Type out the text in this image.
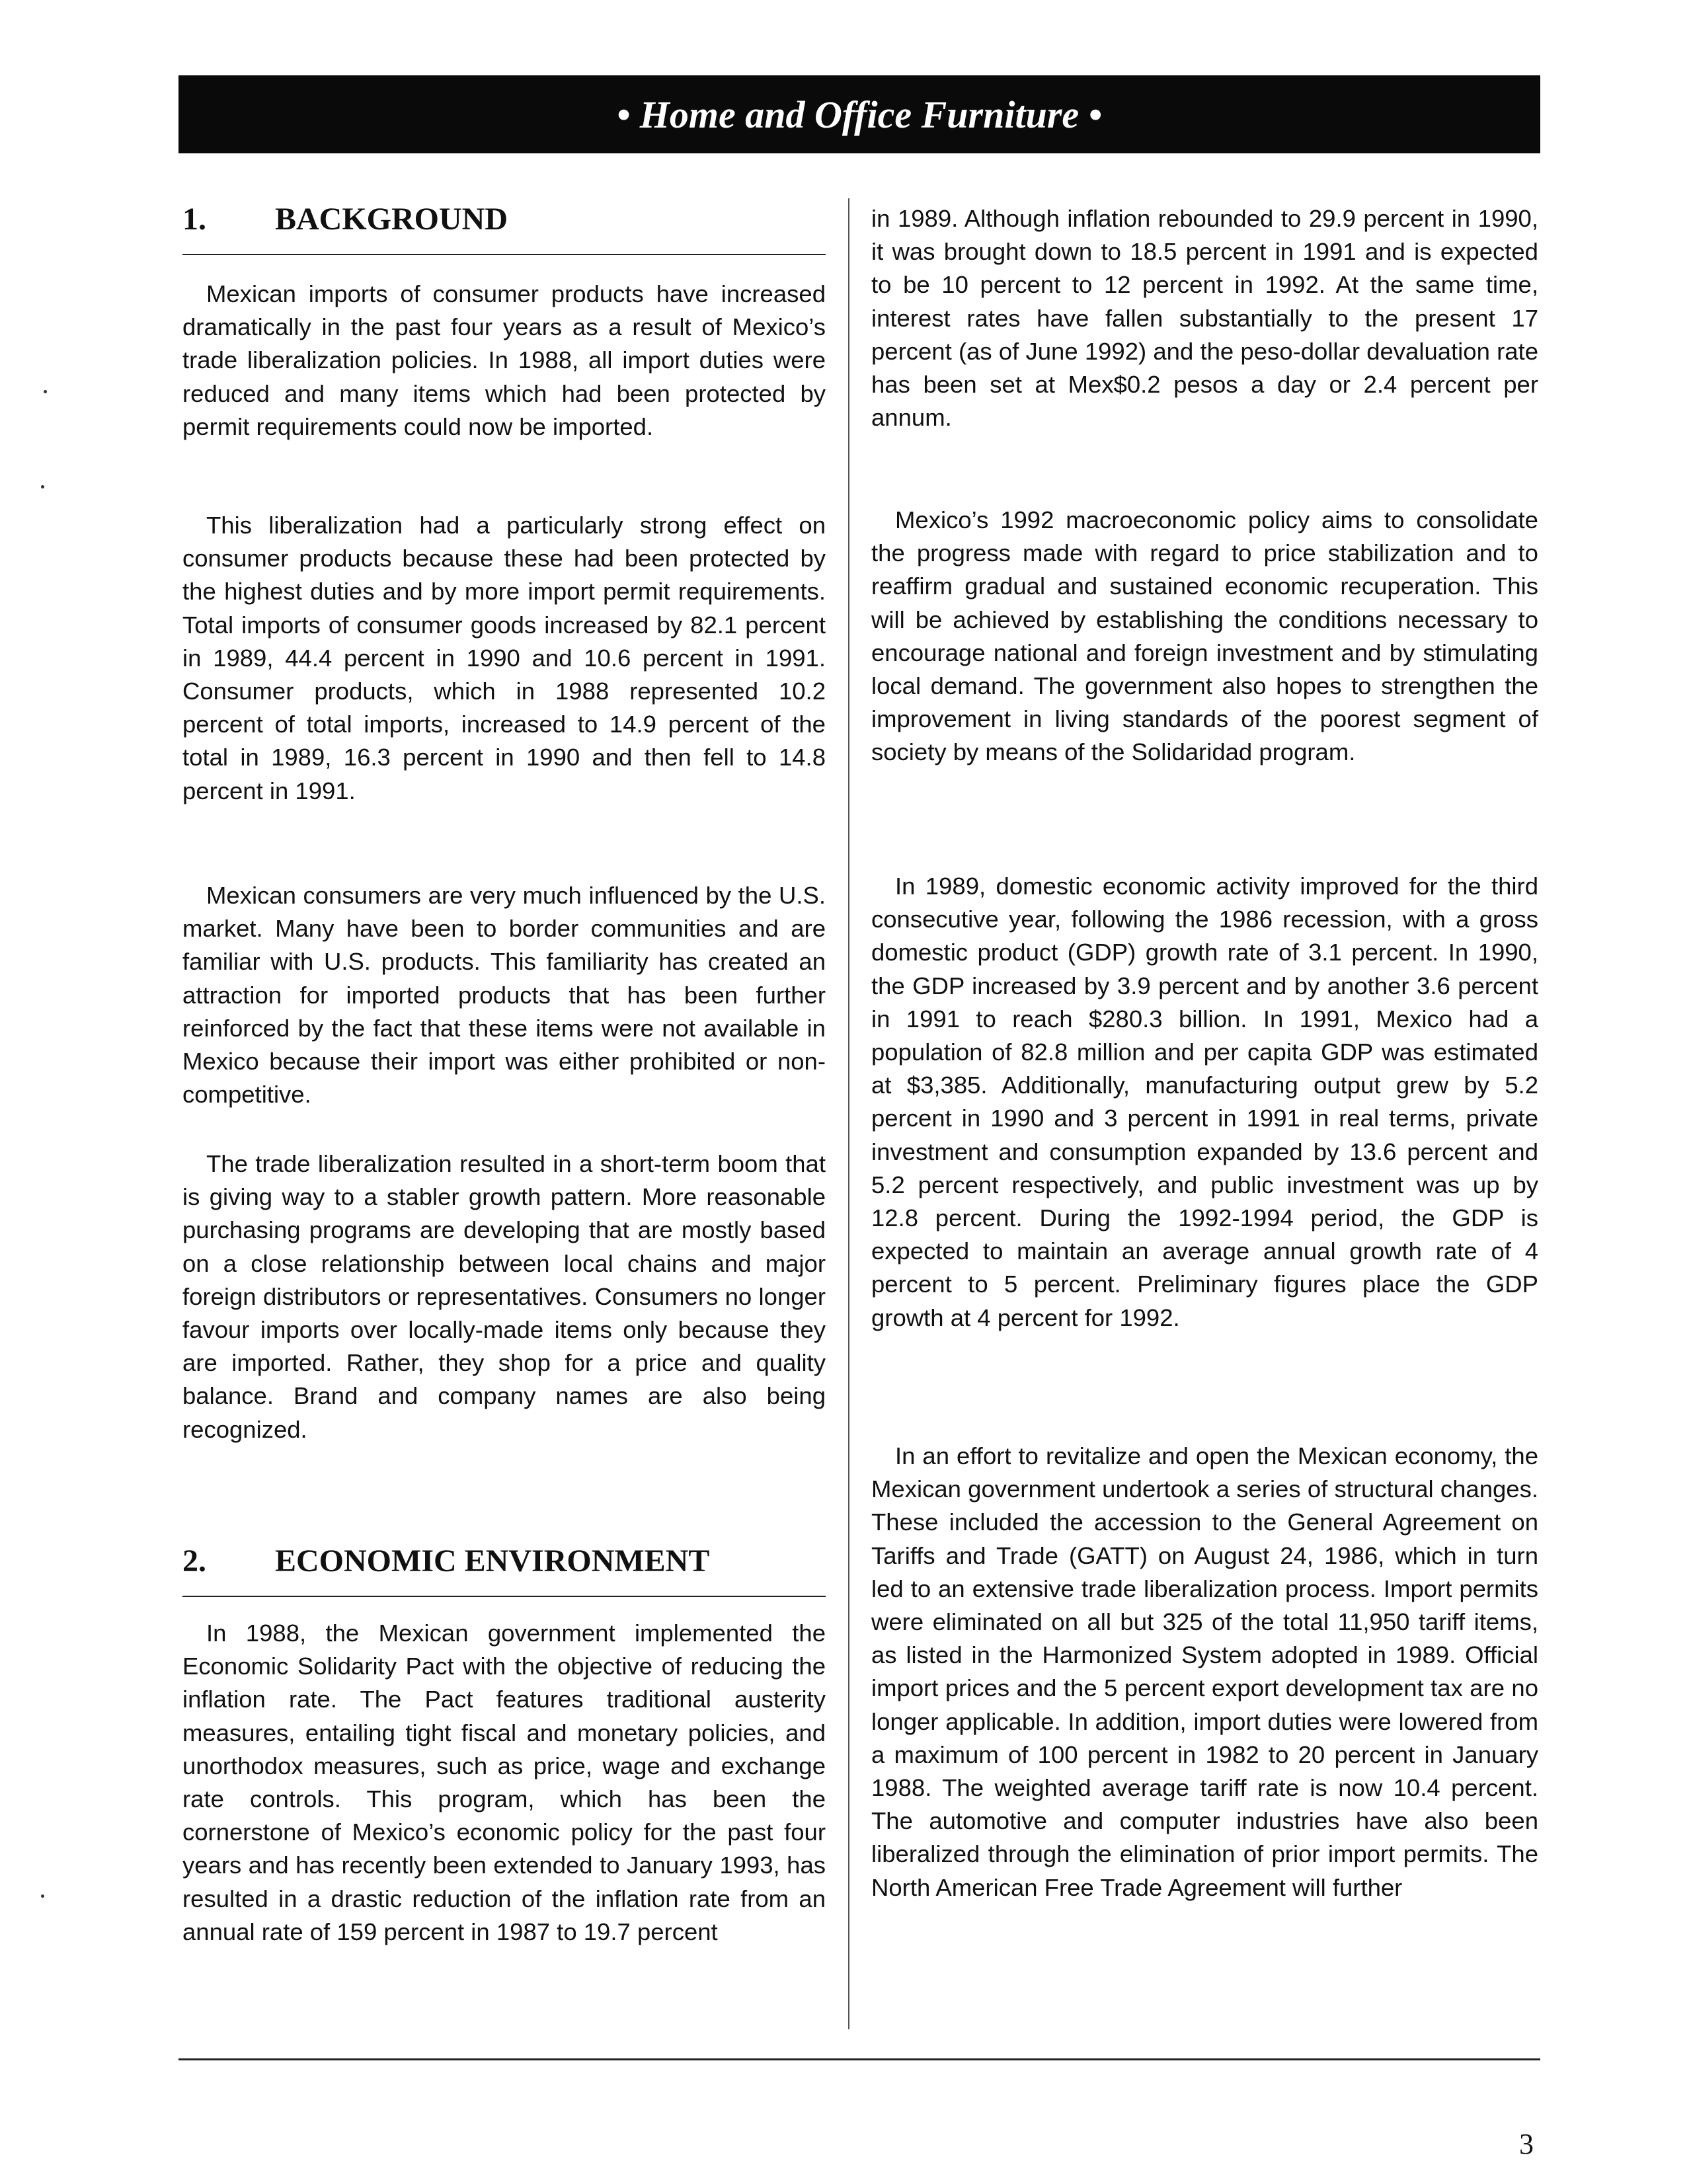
• Home and Office Furniture •
1.	BACKGROUND

Mexican imports of consumer products have increased dramatically in the past four years as a result of Mexico’s trade liberalization policies. In 1988, all import duties were reduced and many items which had been protected by permit requirements could now be imported.

This liberalization had a particularly strong effect on consumer products because these had been protected by the highest duties and by more import permit requirements. Total imports of consumer goods increased by 82.1 percent in 1989, 44.4 percent in 1990 and 10.6 percent in 1991. Consumer products, which in 1988 represented 10.2 percent of total imports, increased to 14.9 percent of the total in 1989, 16.3 percent in 1990 and then fell to 14.8 percent in 1991.

Mexican consumers are very much influenced by the U.S. market. Many have been to border communities and are familiar with U.S. products. This familiarity has created an attraction for imported products that has been further reinforced by the fact that these items were not available in Mexico because their import was either prohibited or non-competitive.

The trade liberalization resulted in a short-term boom that is giving way to a stabler growth pattern. More reasonable purchasing programs are developing that are mostly based on a close relationship between local chains and major foreign distributors or representatives. Consumers no longer favour imports over locally-made items only because they are imported. Rather, they shop for a price and quality balance. Brand and company names are also being recognized.

2.	ECONOMIC ENVIRONMENT

In 1988, the Mexican government implemented the Economic Solidarity Pact with the objective of reducing the inflation rate. The Pact features traditional austerity measures, entailing tight fiscal and monetary policies, and unorthodox measures, such as price, wage and exchange rate controls. This program, which has been the cornerstone of Mexico’s economic policy for the past four years and has recently been extended to January 1993, has resulted in a drastic reduction of the inflation rate from an annual rate of 159 percent in 1987 to 19.7 percent

in 1989. Although inflation rebounded to 29.9 percent in 1990, it was brought down to 18.5 percent in 1991 and is expected to be 10 percent to 12 percent in 1992. At the same time, interest rates have fallen substantially to the present 17 percent (as of June 1992) and the peso-dollar devaluation rate has been set at Mex$0.2 pesos a day or 2.4 percent per annum.

Mexico’s 1992 macroeconomic policy aims to consolidate the progress made with regard to price stabilization and to reaffirm gradual and sustained economic recuperation. This will be achieved by establishing the conditions necessary to encourage national and foreign investment and by stimulating local demand. The government also hopes to strengthen the improvement in living standards of the poorest segment of society by means of the Solidaridad program.

In 1989, domestic economic activity improved for the third consecutive year, following the 1986 recession, with a gross domestic product (GDP) growth rate of 3.1 percent. In 1990, the GDP increased by 3.9 percent and by another 3.6 percent in 1991 to reach $280.3 billion. In 1991, Mexico had a population of 82.8 million and per capita GDP was estimated at $3,385. Additionally, manufacturing output grew by 5.2 percent in 1990 and 3 percent in 1991 in real terms, private investment and consumption expanded by 13.6 percent and 5.2 percent respectively, and public investment was up by 12.8 percent. During the 1992-1994 period, the GDP is expected to maintain an average annual growth rate of 4 percent to 5 percent. Preliminary figures place the GDP growth at 4 percent for 1992.

In an effort to revitalize and open the Mexican economy, the Mexican government undertook a series of structural changes. These included the accession to the General Agreement on Tariffs and Trade (GATT) on August 24, 1986, which in turn led to an extensive trade liberalization process. Import permits were eliminated on all but 325 of the total 11,950 tariff items, as listed in the Harmonized System adopted in 1989. Official import prices and the 5 percent export development tax are no longer applicable. In addition, import duties were lowered from a maximum of 100 percent in 1982 to 20 percent in January 1988. The weighted average tariff rate is now 10.4 percent. The automotive and computer industries have also been liberalized through the elimination of prior import permits. The North American Free Trade Agreement will further

3
